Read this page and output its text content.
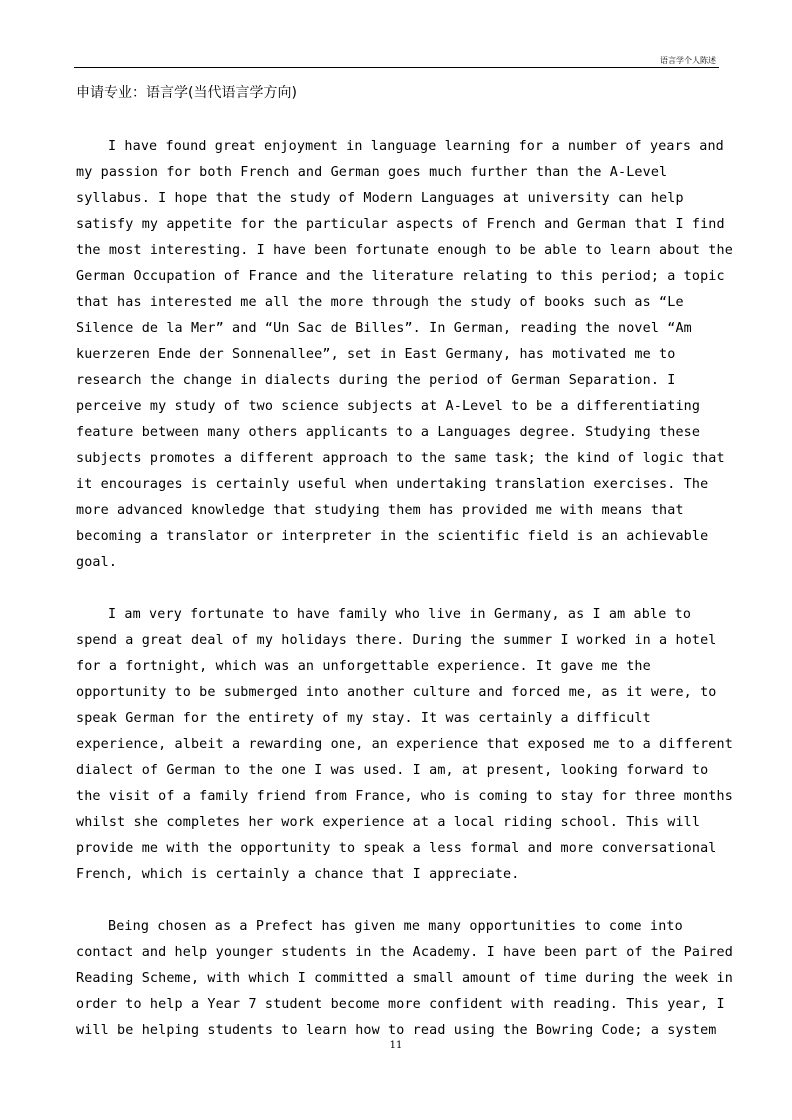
语言学个人陈述
申请专业：语言学(当代语言学方向)
I have found great enjoyment in language learning for a number of years and
my passion for both French and German goes much further than the A-Level
syllabus. I hope that the study of Modern Languages at university can help
satisfy my appetite for the particular aspects of French and German that I find
the most interesting. I have been fortunate enough to be able to learn about the
German Occupation of France and the literature relating to this period; a topic
that has interested me all the more through the study of books such as “Le
Silence de la Mer” and “Un Sac de Billes”. In German, reading the novel “Am
kuerzeren Ende der Sonnenallee”, set in East Germany, has motivated me to
research the change in dialects during the period of German Separation. I
perceive my study of two science subjects at A-Level to be a differentiating
feature between many others applicants to a Languages degree. Studying these
subjects promotes a different approach to the same task; the kind of logic that
it encourages is certainly useful when undertaking translation exercises. The
more advanced knowledge that studying them has provided me with means that
becoming a translator or interpreter in the scientific field is an achievable
goal.
I am very fortunate to have family who live in Germany, as I am able to
spend a great deal of my holidays there. During the summer I worked in a hotel
for a fortnight, which was an unforgettable experience. It gave me the
opportunity to be submerged into another culture and forced me, as it were, to
speak German for the entirety of my stay. It was certainly a difficult
experience, albeit a rewarding one, an experience that exposed me to a different
dialect of German to the one I was used. I am, at present, looking forward to
the visit of a family friend from France, who is coming to stay for three months
whilst she completes her work experience at a local riding school. This will
provide me with the opportunity to speak a less formal and more conversational
French, which is certainly a chance that I appreciate.
Being chosen as a Prefect has given me many opportunities to come into
contact and help younger students in the Academy. I have been part of the Paired
Reading Scheme, with which I committed a small amount of time during the week in
order to help a Year 7 student become more confident with reading. This year, I
will be helping students to learn how to read using the Bowring Code; a system
11
